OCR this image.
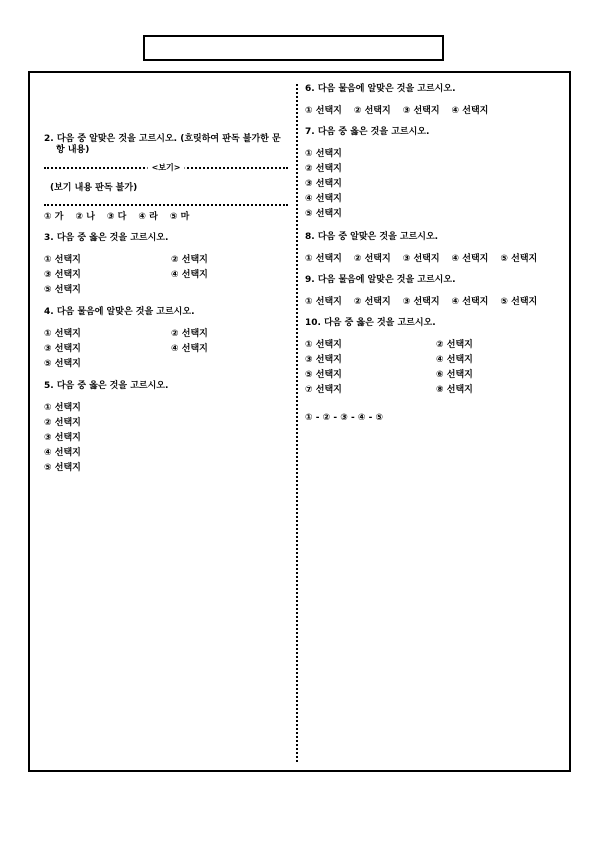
2. 다음 중 알맞은 것을 고르시오. (흐릿하여 판독 불가한 문항 내용)
<보기>
(보기 내용 판독 불가)
① 가 ② 나 ③ 다 ④ 라 ⑤ 마
3. 다음 중 옳은 것을 고르시오.
① 선택지	② 선택지
③ 선택지	④ 선택지
⑤ 선택지
4. 다음 물음에 알맞은 것을 고르시오.
① 선택지	② 선택지
③ 선택지	④ 선택지
⑤ 선택지
5. 다음 중 옳은 것을 고르시오.
① 선택지
② 선택지
③ 선택지
④ 선택지
⑤ 선택지
6. 다음 물음에 알맞은 것을 고르시오.
① 선택지 ② 선택지 ③ 선택지 ④ 선택지
7. 다음 중 옳은 것을 고르시오.
① 선택지
② 선택지
③ 선택지
④ 선택지
⑤ 선택지
8. 다음 중 알맞은 것을 고르시오.
① 선택지 ② 선택지 ③ 선택지 ④ 선택지 ⑤ 선택지
9. 다음 물음에 알맞은 것을 고르시오.
① 선택지 ② 선택지 ③ 선택지 ④ 선택지 ⑤ 선택지
10. 다음 중 옳은 것을 고르시오.
① 선택지	② 선택지
③ 선택지	④ 선택지
⑤ 선택지	⑥ 선택지
⑦ 선택지	⑧ 선택지
① - ② - ③ - ④ - ⑤
